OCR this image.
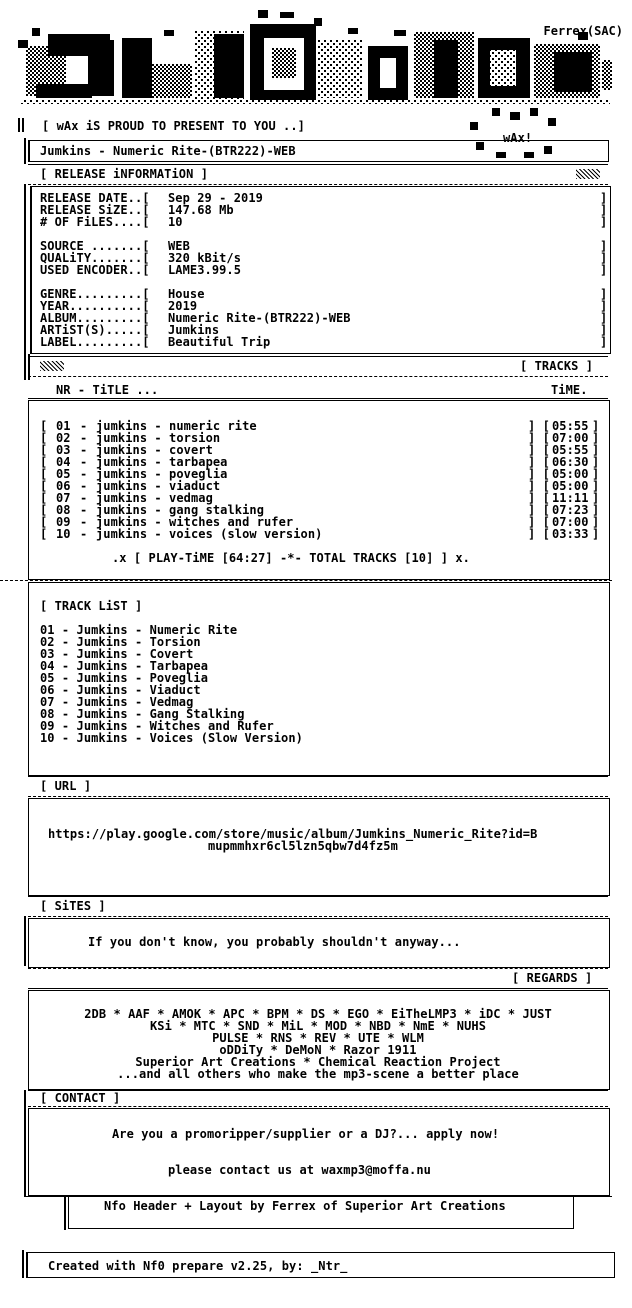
Ferrex(SAC)
[ wAx iS PROUD TO PRESENT TO YOU ..]
wAx!
Jumkins - Numeric Rite-(BTR222)-WEB
[ RELEASE iNFORMATiON ]
RELEASE DATE..[	Sep 29 - 2019	]
RELEASE SiZE..[	147.68 Mb	]
# OF FiLES....[	10	]
SOURCE .......[	WEB	]
QUALiTY.......[	320 kBit/s	]
USED ENCODER..[	LAME3.99.5	]
GENRE.........[	House	]
YEAR..........[	2019	]
ALBUM.........[	Numeric Rite-(BTR222)-WEB	]
ARTiST(S).....[	Jumkins	]
LABEL.........[	Beautiful Trip	]
[ TRACKS ]
NR - TiTLE ...	TiME.
[ 01 - jumkins - numeric rite	] [ 05:55 ]
[ 02 - jumkins - torsion	] [ 07:00 ]
[ 03 - jumkins - covert	] [ 05:55 ]
[ 04 - jumkins - tarbapea	] [ 06:30 ]
[ 05 - jumkins - poveglia	] [ 05:00 ]
[ 06 - jumkins - viaduct	] [ 05:00 ]
[ 07 - jumkins - vedmag	] [ 11:11 ]
[ 08 - jumkins - gang stalking	] [ 07:23 ]
[ 09 - jumkins - witches and rufer	] [ 07:00 ]
[ 10 - jumkins - voices (slow version)	] [ 03:33 ]
.x [ PLAY-TiME [64:27] -*- TOTAL TRACKS [10] ] x.
[ TRACK LiST ]
01 - Jumkins - Numeric Rite
02 - Jumkins - Torsion
03 - Jumkins - Covert
04 - Jumkins - Tarbapea
05 - Jumkins - Poveglia
06 - Jumkins - Viaduct
07 - Jumkins - Vedmag
08 - Jumkins - Gang Stalking
09 - Jumkins - Witches and Rufer
10 - Jumkins - Voices (Slow Version)
[ URL ]
https://play.google.com/store/music/album/Jumkins_Numeric_Rite?id=B
mupmmhxr6cl5lzn5qbw7d4fz5m
[ SiTES ]
If you don't know, you probably shouldn't anyway...
[ REGARDS ]
2DB * AAF * AMOK * APC * BPM * DS * EGO * EiTheLMP3 * iDC * JUST
KSi * MTC * SND * MiL * MOD * NBD * NmE * NUHS
PULSE * RNS * REV * UTE * WLM
oDDiTy * DeMoN * Razor 1911
Superior Art Creations * Chemical Reaction Project
...and all others who make the mp3-scene a better place
[ CONTACT ]
Are you a promoripper/supplier or a DJ?... apply now!
please contact us at waxmp3@moffa.nu
Nfo Header + Layout by Ferrex of Superior Art Creations
Created with Nf0 prepare v2.25, by: _Ntr_
